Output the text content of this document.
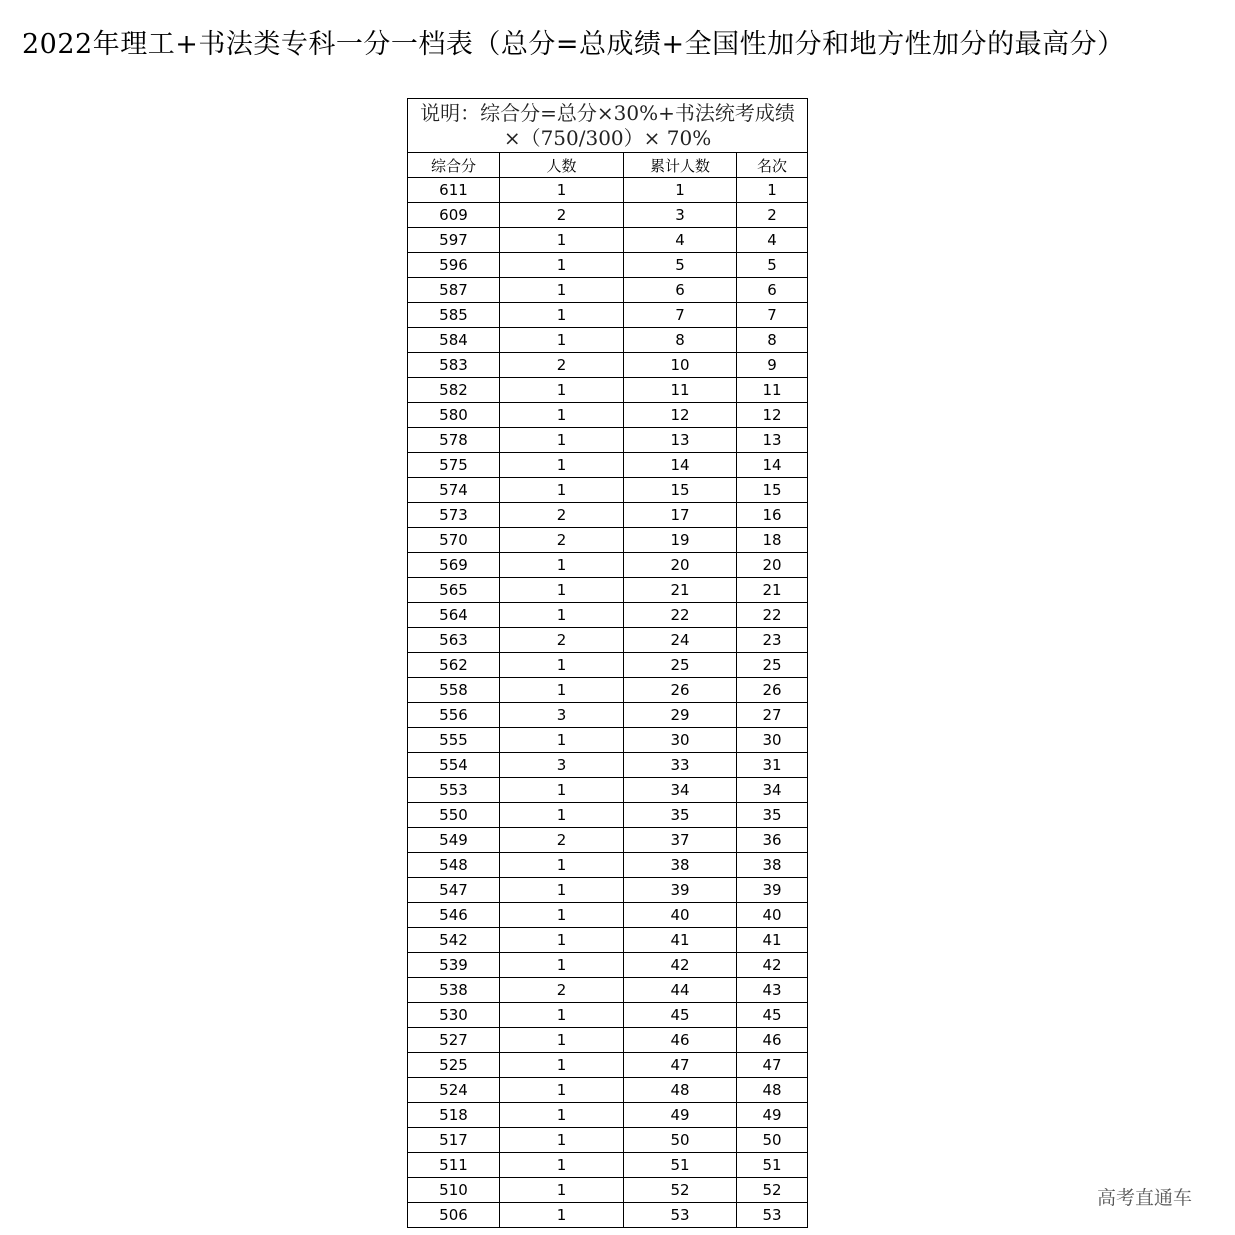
2022年理工+书法类专科一分一档表（总分=总成绩+全国性加分和地方性加分的最高分）
说明：综合分=总分×30%+书法统考成绩
×（750/300）× 70%			

综合分	人数	累计人数	名次
611	1	1	1
609	2	3	2
597	1	4	4
596	1	5	5
587	1	6	6
585	1	7	7
584	1	8	8
583	2	10	9
582	1	11	11
580	1	12	12
578	1	13	13
575	1	14	14
574	1	15	15
573	2	17	16
570	2	19	18
569	1	20	20
565	1	21	21
564	1	22	22
563	2	24	23
562	1	25	25
558	1	26	26
556	3	29	27
555	1	30	30
554	3	33	31
553	1	34	34
550	1	35	35
549	2	37	36
548	1	38	38
547	1	39	39
546	1	40	40
542	1	41	41
539	1	42	42
538	2	44	43
530	1	45	45
527	1	46	46
525	1	47	47
524	1	48	48
518	1	49	49
517	1	50	50
511	1	51	51
510	1	52	52
506	1	53	53
高考直通车
